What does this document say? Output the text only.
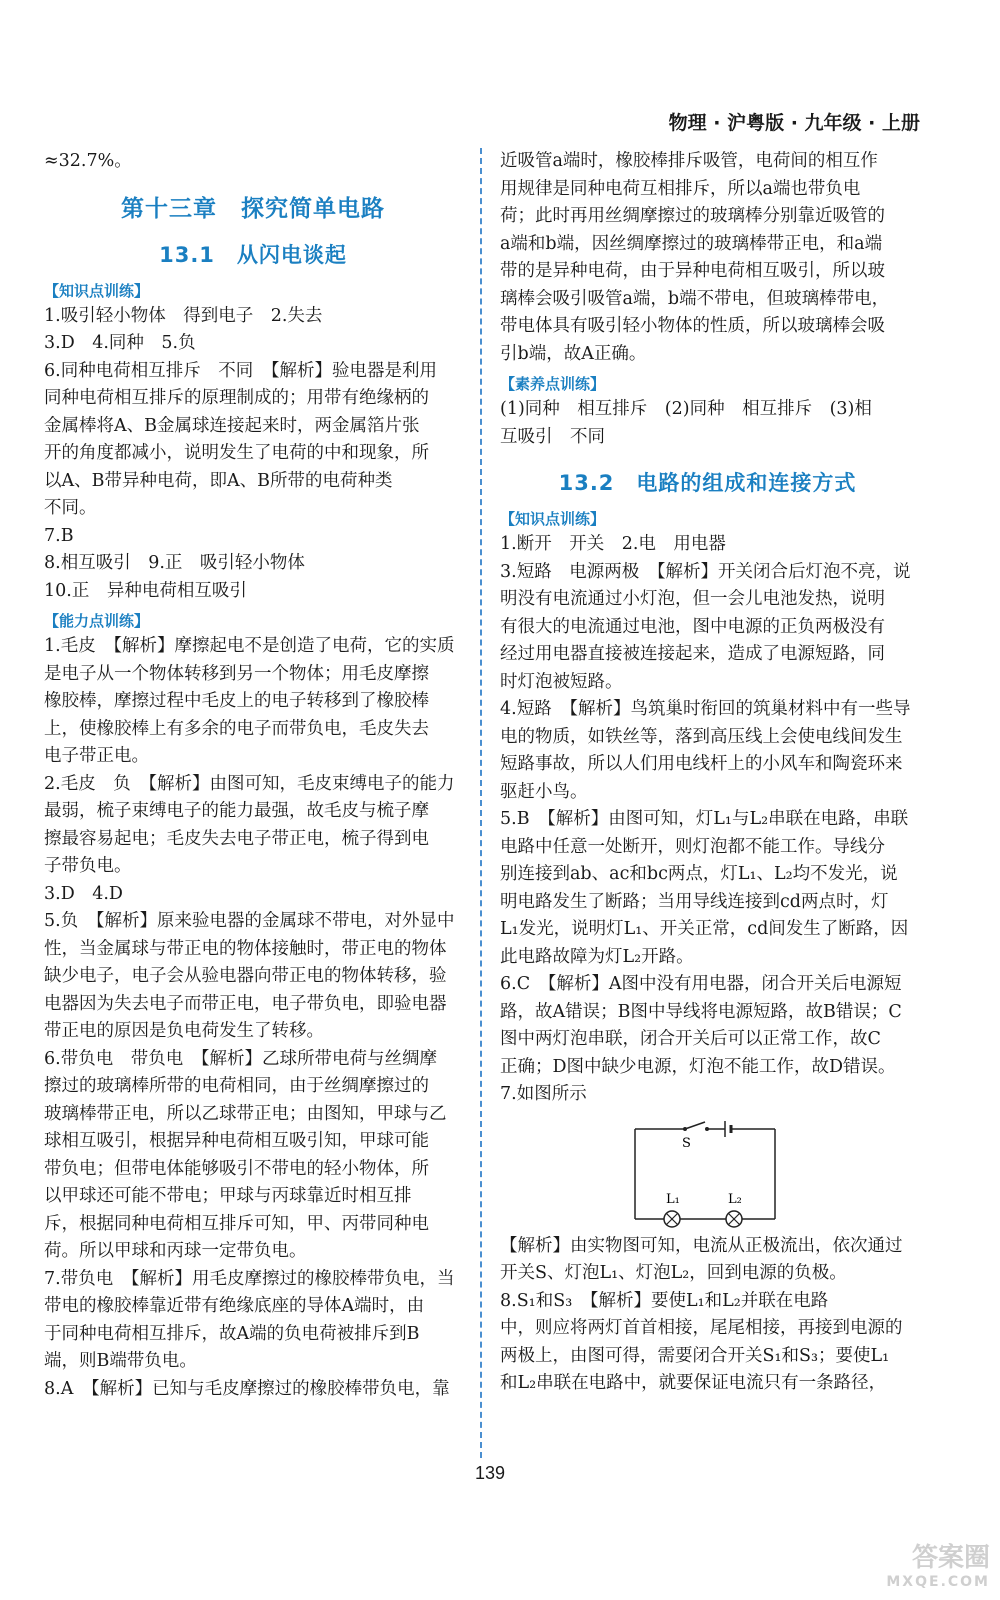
物理 · 沪粤版 · 九年级 · 上册
≈32.7%。
第十三章　探究简单电路
13.1　从闪电谈起
【知识点训练】
1.吸引轻小物体　得到电子　2.失去
3.D　4.同种　5.负
6.同种电荷相互排斥　不同　【解析】验电器是利用
同种电荷相互排斥的原理制成的；用带有绝缘柄的
金属棒将A、B金属球连接起来时，两金属箔片张
开的角度都减小，说明发生了电荷的中和现象，所
以A、B带异种电荷，即A、B所带的电荷种类
不同。
7.B
8.相互吸引　9.正　吸引轻小物体
10.正　异种电荷相互吸引
【能力点训练】
1.毛皮　【解析】摩擦起电不是创造了电荷，它的实质
是电子从一个物体转移到另一个物体；用毛皮摩擦
橡胶棒，摩擦过程中毛皮上的电子转移到了橡胶棒
上，使橡胶棒上有多余的电子而带负电，毛皮失去
电子带正电。
2.毛皮　负　【解析】由图可知，毛皮束缚电子的能力
最弱，梳子束缚电子的能力最强，故毛皮与梳子摩
擦最容易起电；毛皮失去电子带正电，梳子得到电
子带负电。
3.D　4.D
5.负　【解析】原来验电器的金属球不带电，对外显中
性，当金属球与带正电的物体接触时，带正电的物体
缺少电子，电子会从验电器向带正电的物体转移，验
电器因为失去电子而带正电，电子带负电，即验电器
带正电的原因是负电荷发生了转移。
6.带负电　带负电　【解析】乙球所带电荷与丝绸摩
擦过的玻璃棒所带的电荷相同，由于丝绸摩擦过的
玻璃棒带正电，所以乙球带正电；由图知，甲球与乙
球相互吸引，根据异种电荷相互吸引知，甲球可能
带负电；但带电体能够吸引不带电的轻小物体，所
以甲球还可能不带电；甲球与丙球靠近时相互排
斥，根据同种电荷相互排斥可知，甲、丙带同种电
荷。所以甲球和丙球一定带负电。
7.带负电　【解析】用毛皮摩擦过的橡胶棒带负电，当
带电的橡胶棒靠近带有绝缘底座的导体A端时，由
于同种电荷相互排斥，故A端的负电荷被排斥到B
端，则B端带负电。
8.A　【解析】已知与毛皮摩擦过的橡胶棒带负电，靠
近吸管a端时，橡胶棒排斥吸管，电荷间的相互作
用规律是同种电荷互相排斥，所以a端也带负电
荷；此时再用丝绸摩擦过的玻璃棒分别靠近吸管的
a端和b端，因丝绸摩擦过的玻璃棒带正电，和a端
带的是异种电荷，由于异种电荷相互吸引，所以玻
璃棒会吸引吸管a端，b端不带电，但玻璃棒带电，
带电体具有吸引轻小物体的性质，所以玻璃棒会吸
引b端，故A正确。
【素养点训练】
(1)同种　相互排斥　(2)同种　相互排斥　(3)相
互吸引　不同
13.2　电路的组成和连接方式
【知识点训练】
1.断开　开关　2.电　用电器
3.短路　电源两极　【解析】开关闭合后灯泡不亮，说
明没有电流通过小灯泡，但一会儿电池发热，说明
有很大的电流通过电池，图中电源的正负两极没有
经过用电器直接被连接起来，造成了电源短路，同
时灯泡被短路。
4.短路　【解析】鸟筑巢时衔回的筑巢材料中有一些导
电的物质，如铁丝等，落到高压线上会使电线间发生
短路事故，所以人们用电线杆上的小风车和陶瓷环来
驱赶小鸟。
5.B　【解析】由图可知，灯L₁与L₂串联在电路，串联
电路中任意一处断开，则灯泡都不能工作。导线分
别连接到ab、ac和bc两点，灯L₁、L₂均不发光，说
明电路发生了断路；当用导线连接到cd两点时，灯
L₁发光，说明灯L₁、开关正常，cd间发生了断路，因
此电路故障为灯L₂开路。
6.C　【解析】A图中没有用电器，闭合开关后电源短
路，故A错误；B图中导线将电源短路，故B错误；C
图中两灯泡串联，闭合开关后可以正常工作，故C
正确；D图中缺少电源，灯泡不能工作，故D错误。
7.如图所示
S
L₁	L₂
【解析】由实物图可知，电流从正极流出，依次通过
开关S、灯泡L₁、灯泡L₂，回到电源的负极。
8.S₁和S₃　【解析】要使L₁和L₂并联在电路
中，则应将两灯首首相接，尾尾相接，再接到电源的
两极上，由图可得，需要闭合开关S₁和S₃；要使L₁
和L₂串联在电路中，就要保证电流只有一条路径，
139
答案圈
MXQE.COM
